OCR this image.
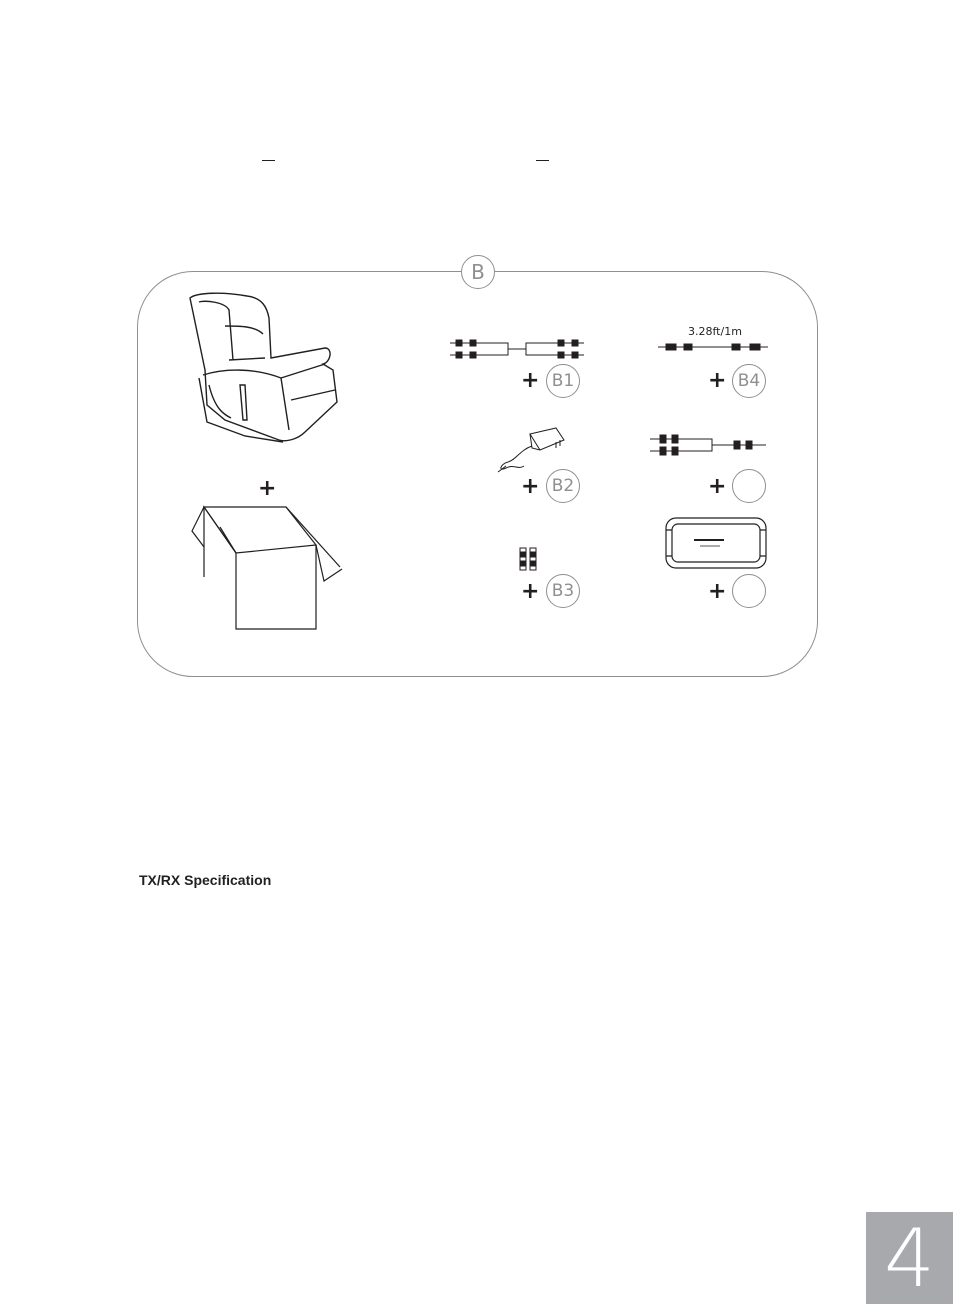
B
+
+ B1
3.28ft/1m
+ B4
+ B2	+
+ B3	+
TX/RX Specification
4
